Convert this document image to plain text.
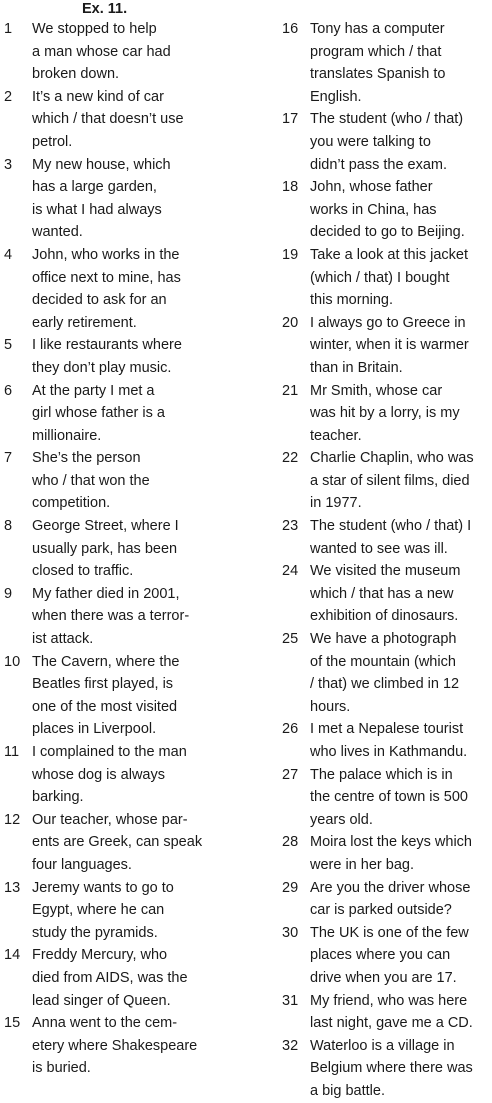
Ex. 11.
1 We stopped to help
a man whose car had
broken down.
2 It’s a new kind of car
which / that doesn’t use
petrol.
3 My new house, which
has a large garden,
is what I had always
wanted.
4 John, who works in the
office next to mine, has
decided to ask for an
early retirement.
5 I like restaurants where
they don’t play music.
6 At the party I met a
girl whose father is a
millionaire.
7 She’s the person
who / that won the
competition.
8 George Street, where I
usually park, has been
closed to traffic.
9 My father died in 2001,
when there was a terror-
ist attack.
10 The Cavern, where the
Beatles first played, is
one of the most visited
places in Liverpool.
11 I complained to the man
whose dog is always
barking.
12 Our teacher, whose par-
ents are Greek, can speak
four languages.
13 Jeremy wants to go to
Egypt, where he can
study the pyramids.
14 Freddy Mercury, who
died from AIDS, was the
lead singer of Queen.
15 Anna went to the cem-
etery where Shakespeare
is buried.
16 Tony has a computer
program which / that
translates Spanish to
English.
17 The student (who / that)
you were talking to
didn’t pass the exam.
18 John, whose father
works in China, has
decided to go to Beijing.
19 Take a look at this jacket
(which / that) I bought
this morning.
20 I always go to Greece in
winter, when it is warmer
than in Britain.
21 Mr Smith, whose car
was hit by a lorry, is my
teacher.
22 Charlie Chaplin, who was
a star of silent films, died
in 1977.
23 The student (who / that) I
wanted to see was ill.
24 We visited the museum
which / that has a new
exhibition of dinosaurs.
25 We have a photograph
of the mountain (which
/ that) we climbed in 12
hours.
26 I met a Nepalese tourist
who lives in Kathmandu.
27 The palace which is in
the centre of town is 500
years old.
28 Moira lost the keys which
were in her bag.
29 Are you the driver whose
car is parked outside?
30 The UK is one of the few
places where you can
drive when you are 17.
31 My friend, who was here
last night, gave me a CD.
32 Waterloo is a village in
Belgium where there was
a big battle.
